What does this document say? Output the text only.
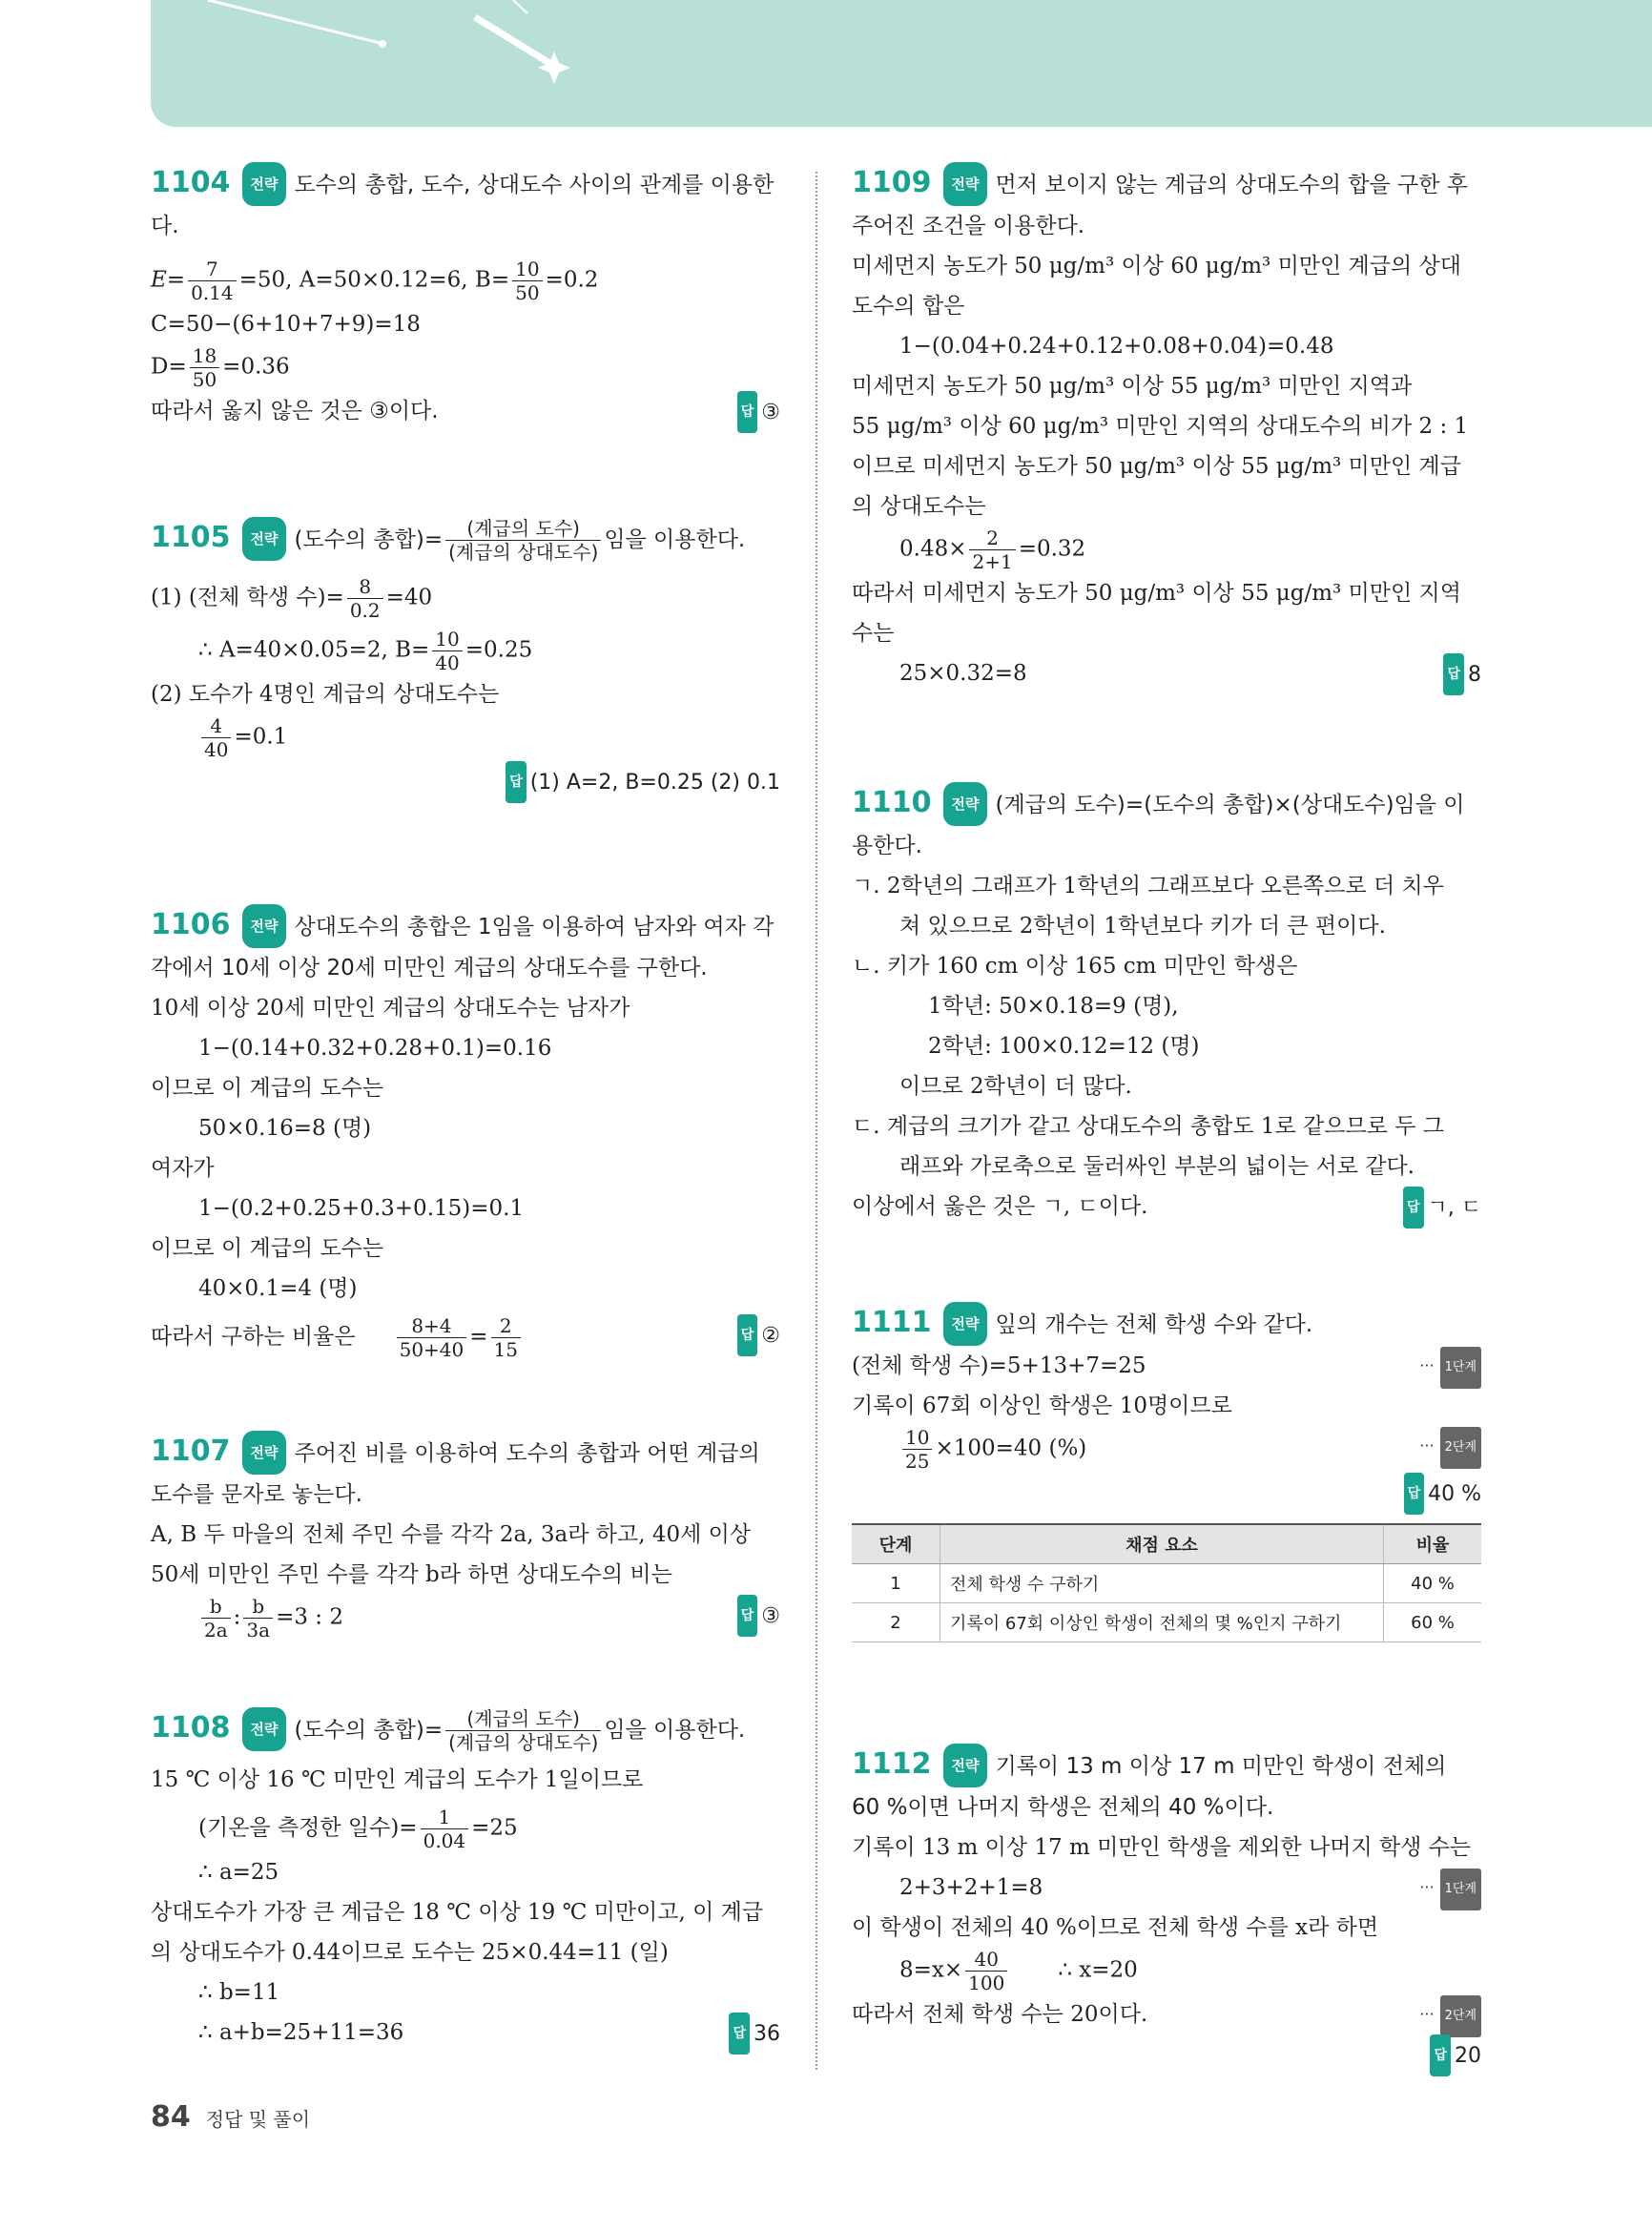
1104 전략 도수의 총합, 도수, 상대도수 사이의 관계를 이용한
다.
$E= \frac{7}{0.14} =50$, A=50×0.12=6, $B= \frac{10}{50} =0.2$
C=50−(6+10+7+9)=18
$D= \frac{18}{50} =0.36$
따라서 옳지 않은 것은 ③이다.	답 ③
1105 전략 (도수의 총합)= $\frac{\text{(계급의 도수)}}{\text{(계급의 상대도수)}}$ 임을 이용한다.
(1) (전체 학생 수)= $\frac{8}{0.2} =40$
∴ A=40×0.05=2, $B= \frac{10}{40} =0.25$
(2) 도수가 4명인 계급의 상대도수는
$\frac{4}{40} =0.1$
답 (1) A=2, B=0.25 (2) 0.1
1106 전략 상대도수의 총합은 1임을 이용하여 남자와 여자 각
각에서 10세 이상 20세 미만인 계급의 상대도수를 구한다.
10세 이상 20세 미만인 계급의 상대도수는 남자가
1−(0.14+0.32+0.28+0.1)=0.16
이므로 이 계급의 도수는
50×0.16=8 (명)
여자가
1−(0.2+0.25+0.3+0.15)=0.1
이므로 이 계급의 도수는
40×0.1=4 (명)
따라서 구하는 비율은 $\frac{8+4}{50+40} = \frac{2}{15}$	답 ②
1107 전략 주어진 비를 이용하여 도수의 총합과 어떤 계급의
도수를 문자로 놓는다.
A, B 두 마을의 전체 주민 수를 각각 2a, 3a라 하고, 40세 이상
50세 미만인 주민 수를 각각 b라 하면 상대도수의 비는
$\frac{b}{2a}$ : $\frac{b}{3a} =3$ : 2	답 ③
1108 전략 (도수의 총합)= $\frac{\text{(계급의 도수)}}{\text{(계급의 상대도수)}}$ 임을 이용한다.
15 ℃ 이상 16 ℃ 미만인 계급의 도수가 1일이므로
(기온을 측정한 일수)= $\frac{1}{0.04} =25$
∴ a=25
상대도수가 가장 큰 계급은 18 ℃ 이상 19 ℃ 미만이고, 이 계급
의 상대도수가 0.44이므로 도수는 25×0.44=11 (일)
∴ b=11
∴ a+b=25+11=36	답 36
1109 전략 먼저 보이지 않는 계급의 상대도수의 합을 구한 후
주어진 조건을 이용한다.
미세먼지 농도가 50 μg/m³ 이상 60 μg/m³ 미만인 계급의 상대
도수의 합은
1−(0.04+0.24+0.12+0.08+0.04)=0.48
미세먼지 농도가 50 μg/m³ 이상 55 μg/m³ 미만인 지역과
55 μg/m³ 이상 60 μg/m³ 미만인 지역의 상대도수의 비가 2 : 1
이므로 미세먼지 농도가 50 μg/m³ 이상 55 μg/m³ 미만인 계급
의 상대도수는
$0.48\times \frac{2}{2+1} =0.32$
따라서 미세먼지 농도가 50 μg/m³ 이상 55 μg/m³ 미만인 지역
수는
25×0.32=8	답 8
1110 전략 (계급의 도수)=(도수의 총합)×(상대도수)임을 이
용한다.
ㄱ. 2학년의 그래프가 1학년의 그래프보다 오른쪽으로 더 치우
쳐 있으므로 2학년이 1학년보다 키가 더 큰 편이다.
ㄴ. 키가 160 cm 이상 165 cm 미만인 학생은
1학년: 50×0.18=9 (명),
2학년: 100×0.12=12 (명)
이므로 2학년이 더 많다.
ㄷ. 계급의 크기가 같고 상대도수의 총합도 1로 같으므로 두 그
래프와 가로축으로 둘러싸인 부분의 넓이는 서로 같다.
이상에서 옳은 것은 ㄱ, ㄷ이다.	답 ㄱ, ㄷ
1111 전략 잎의 개수는 전체 학생 수와 같다.
(전체 학생 수)=5+13+7=25	··· 1단계
기록이 67회 이상인 학생은 10명이므로
$\frac{10}{25} \times 100=40$ (%)	··· 2단계
답 40 %
단계	채점 요소	비율
1	전체 학생 수 구하기	40 %
2	기록이 67회 이상인 학생이 전체의 몇 %인지 구하기	60 %
1112 전략 기록이 13 m 이상 17 m 미만인 학생이 전체의
60 %이면 나머지 학생은 전체의 40 %이다.
기록이 13 m 이상 17 m 미만인 학생을 제외한 나머지 학생 수는
2+3+2+1=8	··· 1단계
이 학생이 전체의 40 %이므로 전체 학생 수를 x라 하면
$8=x\times \frac{40}{100}$ ∴ x=20
따라서 전체 학생 수는 20이다.	··· 2단계
답 20
84 정답 및 풀이
